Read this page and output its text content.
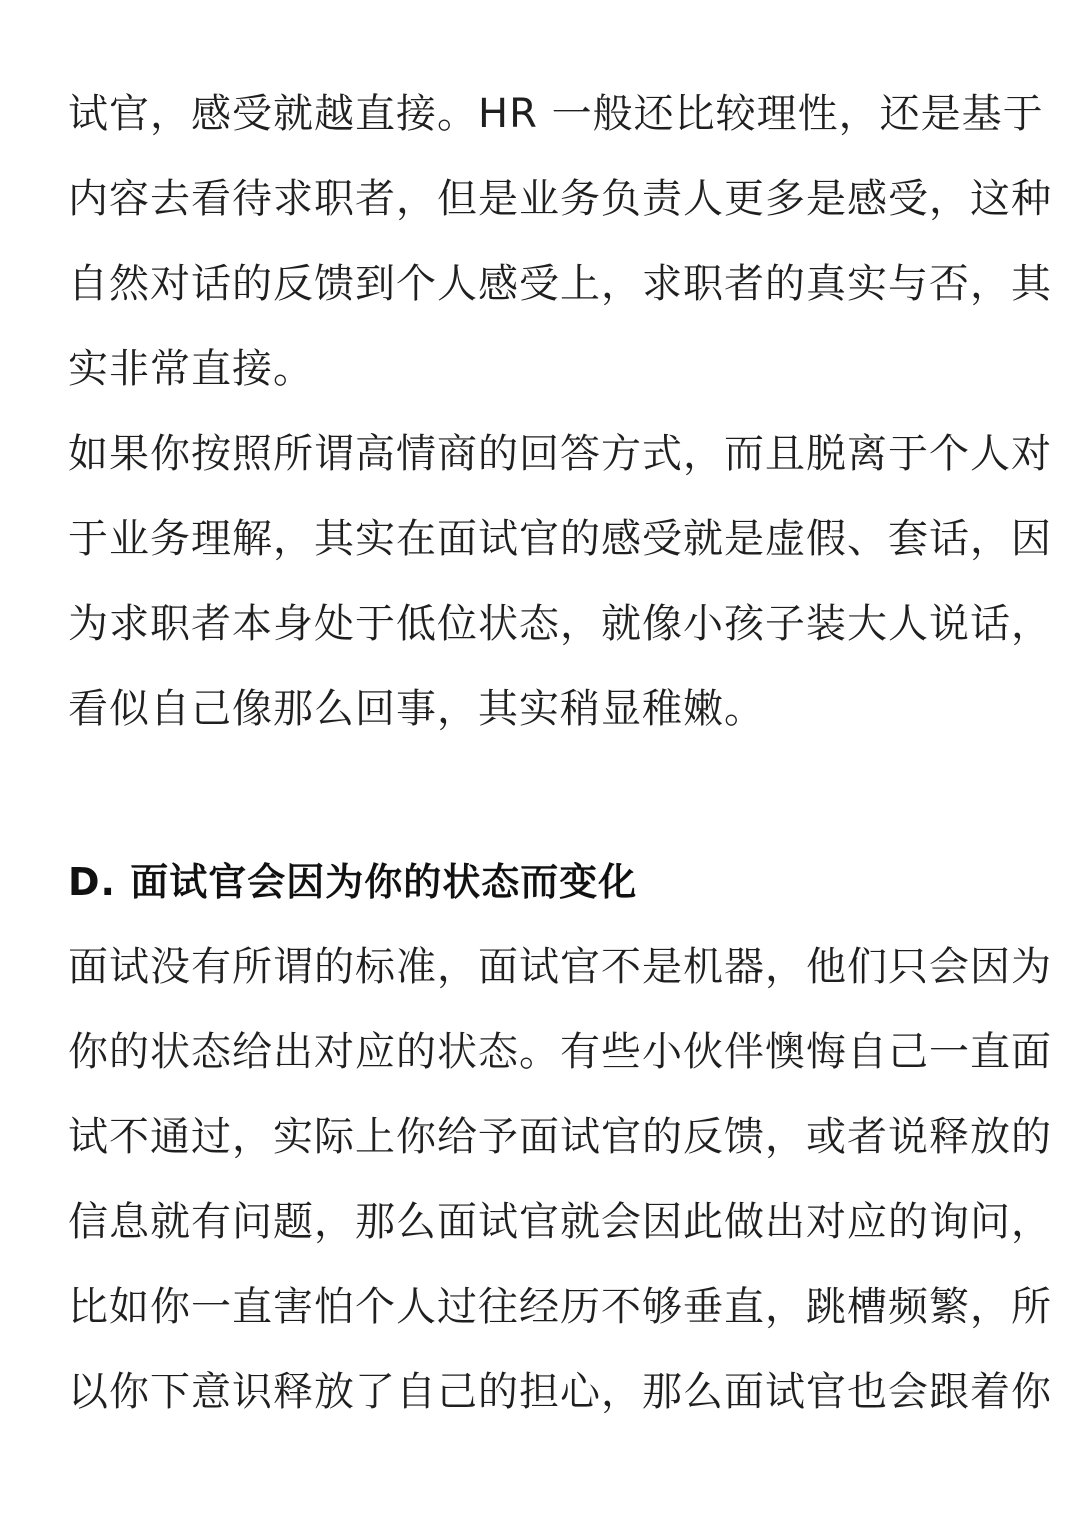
试官，感受就越直接。HR 一般还比较理性，还是基于
内容去看待求职者，但是业务负责人更多是感受，这种
自然对话的反馈到个人感受上，求职者的真实与否，其
实非常直接。
如果你按照所谓高情商的回答方式，而且脱离于个人对
于业务理解，其实在面试官的感受就是虚假、套话，因
为求职者本身处于低位状态，就像小孩子装大人说话，
看似自己像那么回事，其实稍显稚嫩。
D. 面试官会因为你的状态而变化
面试没有所谓的标准，面试官不是机器，他们只会因为
你的状态给出对应的状态。有些小伙伴懊悔自己一直面
试不通过，实际上你给予面试官的反馈，或者说释放的
信息就有问题，那么面试官就会因此做出对应的询问，
比如你一直害怕个人过往经历不够垂直，跳槽频繁，所
以你下意识释放了自己的担心，那么面试官也会跟着你
